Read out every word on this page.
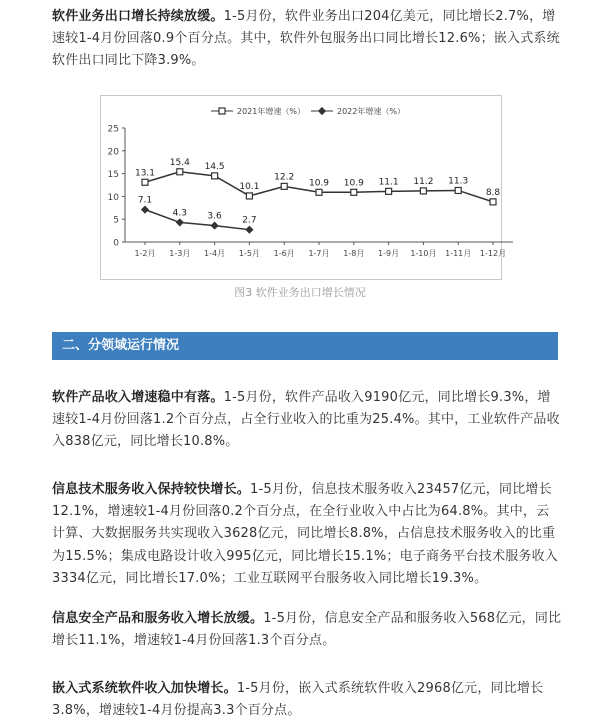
软件业务出口增长持续放缓。1-5月份，软件业务出口204亿美元，同比增长2.7%，增速较1-4月份回落0.9个百分点。其中，软件外包服务出口同比增长12.6%；嵌入式系统软件出口同比下降3.9%。

0
5
10
15
20
25
1-2月 1-3月 1-4月 1-5月 1-6月 1-7月 1-8月 1-9月 1-10月 1-11月 1-12月
2021年增速（%）	2022年增速（%）
13.1
15.4 14.5
10.1
12.2
10.9 10.9 11.1 11.2 11.3
8.8
7.1
4.3 3.6 2.7
图3 软件业务出口增长情况
二、分领域运行情况

软件产品收入增速稳中有落。1-5月份，软件产品收入9190亿元，同比增长9.3%，增速较1-4月份回落1.2个百分点，占全行业收入的比重为25.4%。其中，工业软件产品收入838亿元，同比增长10.8%。

信息技术服务收入保持较快增长。1-5月份，信息技术服务收入23457亿元，同比增长12.1%，增速较1-4月份回落0.2个百分点，在全行业收入中占比为64.8%。其中，云计算、大数据服务共实现收入3628亿元，同比增长8.8%，占信息技术服务收入的比重为15.5%；集成电路设计收入995亿元，同比增长15.1%；电子商务平台技术服务收入3334亿元，同比增长17.0%；工业互联网平台服务收入同比增长19.3%。

信息安全产品和服务收入增长放缓。1-5月份，信息安全产品和服务收入568亿元，同比增长11.1%，增速较1-4月份回落1.3个百分点。

嵌入式系统软件收入加快增长。1-5月份，嵌入式系统软件收入2968亿元，同比增长3.8%，增速较1-4月份提高3.3个百分点。
